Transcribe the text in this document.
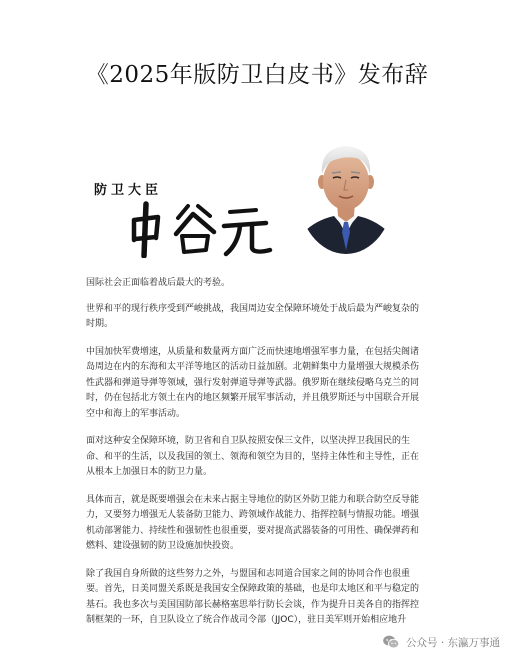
《2025年版防卫白皮书》发布辞
防卫大臣

国际社会正面临着战后最大的考验。

世界和平的现行秩序受到严峻挑战，我国周边安全保障环境处于战后最为严峻复杂的时期。

中国加快军费增速，从质量和数量两方面广泛而快速地增强军事力量，在包括尖阁诸岛周边在内的东海和太平洋等地区的活动日益加剧。北朝鲜集中力量增强大规模杀伤性武器和弹道导弹等领域，强行发射弹道导弹等武器。俄罗斯在继续侵略乌克兰的同时，仍在包括北方领土在内的地区频繁开展军事活动，并且俄罗斯还与中国联合开展空中和海上的军事活动。

面对这种安全保障环境，防卫省和自卫队按照安保三文件，以坚决捍卫我国民的生命、和平的生活，以及我国的领土、领海和领空为目的，坚持主体性和主导性，正在从根本上加强日本的防卫力量。

具体而言，就是既要增强会在未来占据主导地位的防区外防卫能力和联合防空反导能力，又要努力增强无人装备防卫能力、跨领域作战能力、指挥控制与情报功能。增强机动部署能力、持续性和强韧性也很重要，要对提高武器装备的可用性、确保弹药和燃料、建设强韧的防卫设施加快投资。

除了我国自身所做的这些努力之外，与盟国和志同道合国家之间的协同合作也很重要。首先，日美同盟关系既是我国安全保障政策的基础，也是印太地区和平与稳定的基石。我也多次与美国国防部长赫格塞思举行防长会谈，作为提升日美各自的指挥控制框架的一环，自卫队设立了统合作战司令部（JJOC），驻日美军则开始相应地升

公众号 · 东瀛万事通
